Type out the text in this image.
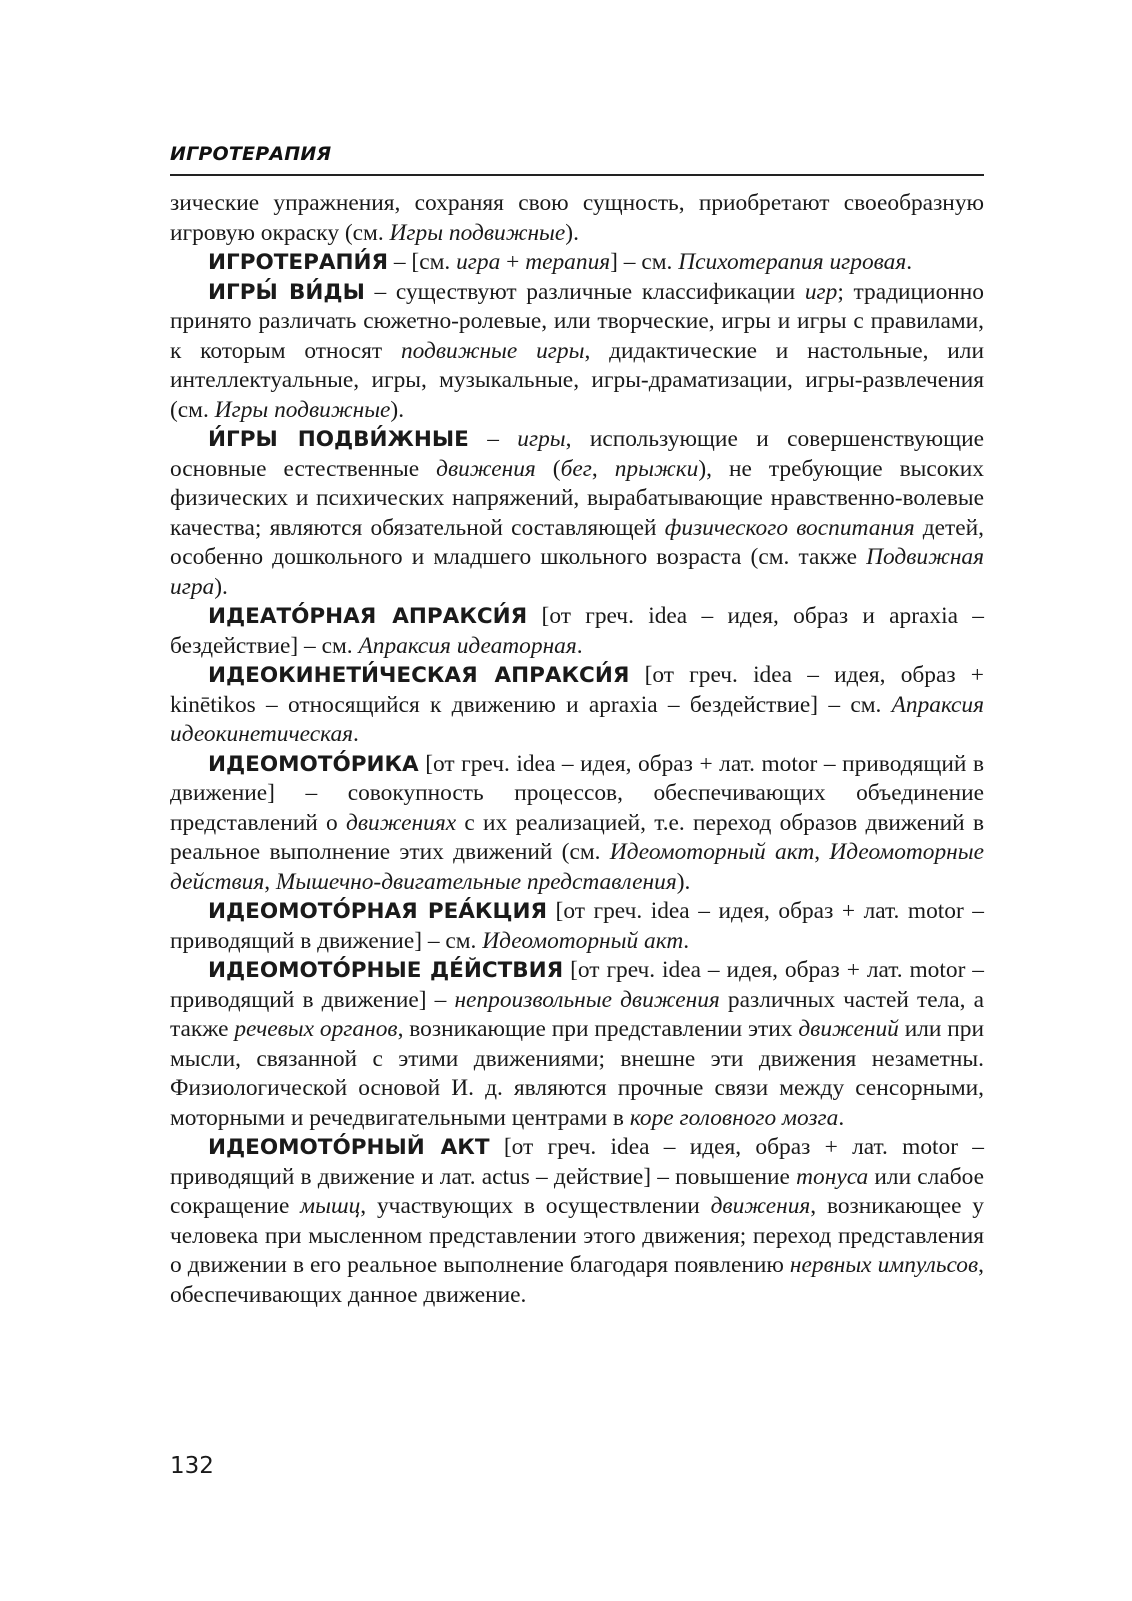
ИГРОТЕРАПИЯ

зические упражнения, сохраняя свою сущность, приобретают своеобразную игровую окраску (см. Игры подвижные).

ИГРОТЕРАПИ́Я – [см. игра + терапия] – см. Психотерапия игровая.

ИГРЫ́ ВИ́ДЫ – существуют различные классификации игр; традиционно принято различать сюжетно-ролевые, или творческие, игры и игры с правилами, к которым относят подвижные игры, дидактические и настольные, или интеллектуальные, игры, музыкальные, игры-драматизации, игры-развлечения (см. Игры подвижные).

И́ГРЫ ПОДВИ́ЖНЫЕ – игры, использующие и совершенствующие основные естественные движения (бег, прыжки), не требующие высоких физических и психических напряжений, вырабатывающие нравственно-волевые качества; являются обязательной составляющей физического воспитания детей, особенно дошкольного и младшего школьного возраста (см. также Подвижная игра).

ИДЕАТО́РНАЯ АПРАКСИ́Я [от греч. idea – идея, образ и apraxia – бездействие] – см. Апраксия идеаторная.

ИДЕОКИНЕТИ́ЧЕСКАЯ АПРАКСИ́Я [от греч. idea – идея, образ + kinētikos – относящийся к движению и apraxia – бездействие] – см. Апраксия идеокинетическая.

ИДЕОМОТО́РИКА [от греч. idea – идея, образ + лат. motor – приводящий в движение] – совокупность процессов, обеспечивающих объединение представлений о движениях с их реализацией, т.е. переход образов движений в реальное выполнение этих движений (см. Идеомоторный акт, Идеомоторные действия, Мышечно-двигательные представления).

ИДЕОМОТО́РНАЯ РЕА́КЦИЯ [от греч. idea – идея, образ + лат. motor – приводящий в движение] – см. Идеомоторный акт.

ИДЕОМОТО́РНЫЕ ДЕ́ЙСТВИЯ [от греч. idea – идея, образ + лат. motor – приводящий в движение] – непроизвольные движения различных частей тела, а также речевых органов, возникающие при представлении этих движений или при мысли, связанной с этими движениями; внешне эти движения незаметны. Физиологической основой И. д. являются прочные связи между сенсорными, моторными и речедвигательными центрами в коре головного мозга.

ИДЕОМОТО́РНЫЙ АКТ [от греч. idea – идея, образ + лат. motor – приводящий в движение и лат. actus – действие] – повышение тонуса или слабое сокращение мышц, участвующих в осуществлении движения, возникающее у человека при мысленном представлении этого движения; переход представления о движении в его реальное выполнение благодаря появлению нервных импульсов, обеспечивающих данное движение.

132
